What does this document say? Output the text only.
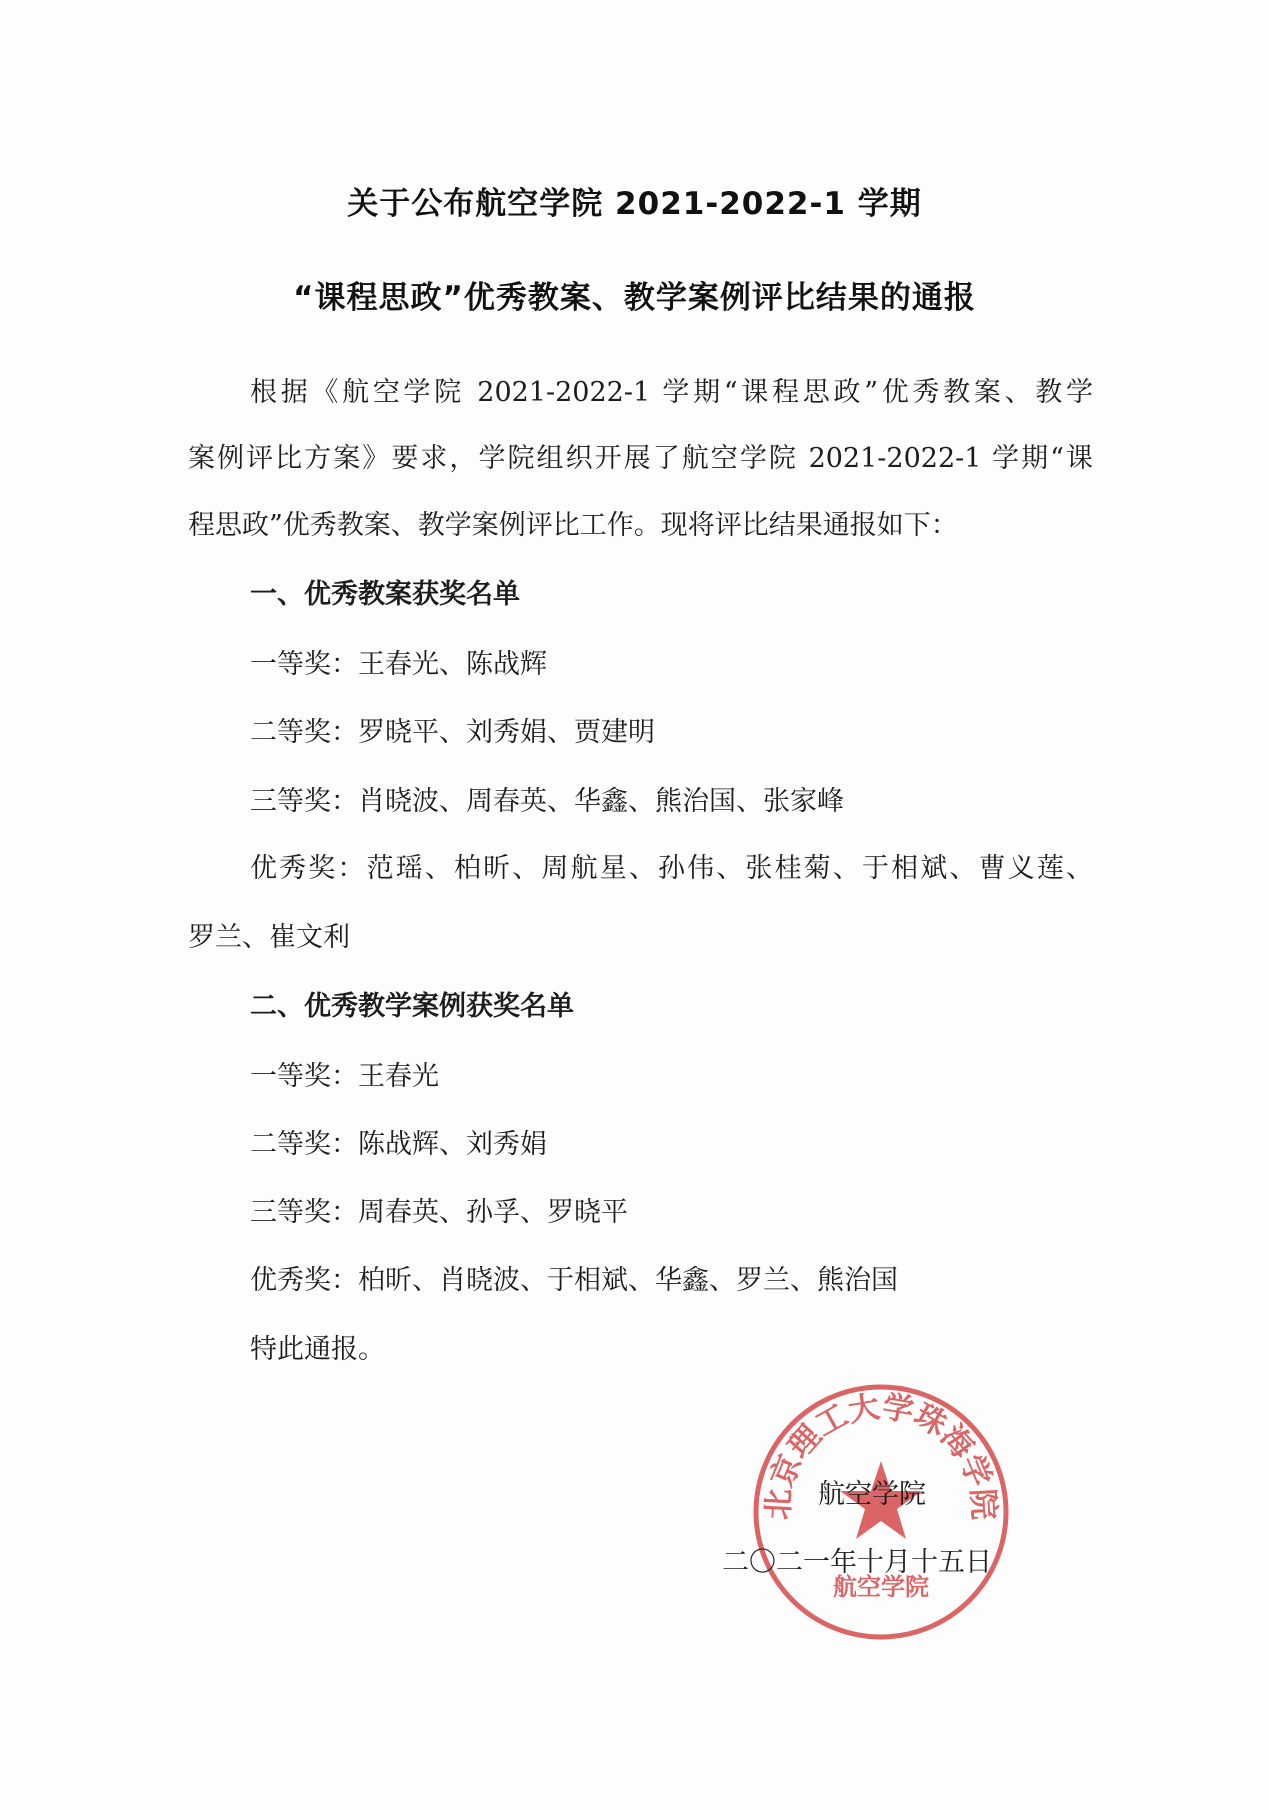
关于公布航空学院 2021-2022-1 学期
“课程思政”优秀教案、教学案例评比结果的通报
根据《航空学院 2021-2022-1 学期“课程思政”优秀教案、教学
案例评比方案》要求，学院组织开展了航空学院 2021-2022-1 学期“课
程思政”优秀教案、教学案例评比工作。现将评比结果通报如下：
一、优秀教案获奖名单
一等奖：王春光、陈战辉
二等奖：罗晓平、刘秀娟、贾建明
三等奖：肖晓波、周春英、华鑫、熊治国、张家峰
优秀奖：范瑶、柏昕、周航星、孙伟、张桂菊、于相斌、曹义莲、
罗兰、崔文利
二、优秀教学案例获奖名单
一等奖：王春光
二等奖：陈战辉、刘秀娟
三等奖：周春英、孙孚、罗晓平
优秀奖：柏昕、肖晓波、于相斌、华鑫、罗兰、熊治国
特此通报。
北京理工大学珠海学院
航空学院
航空学院
二〇二一年十月十五日
